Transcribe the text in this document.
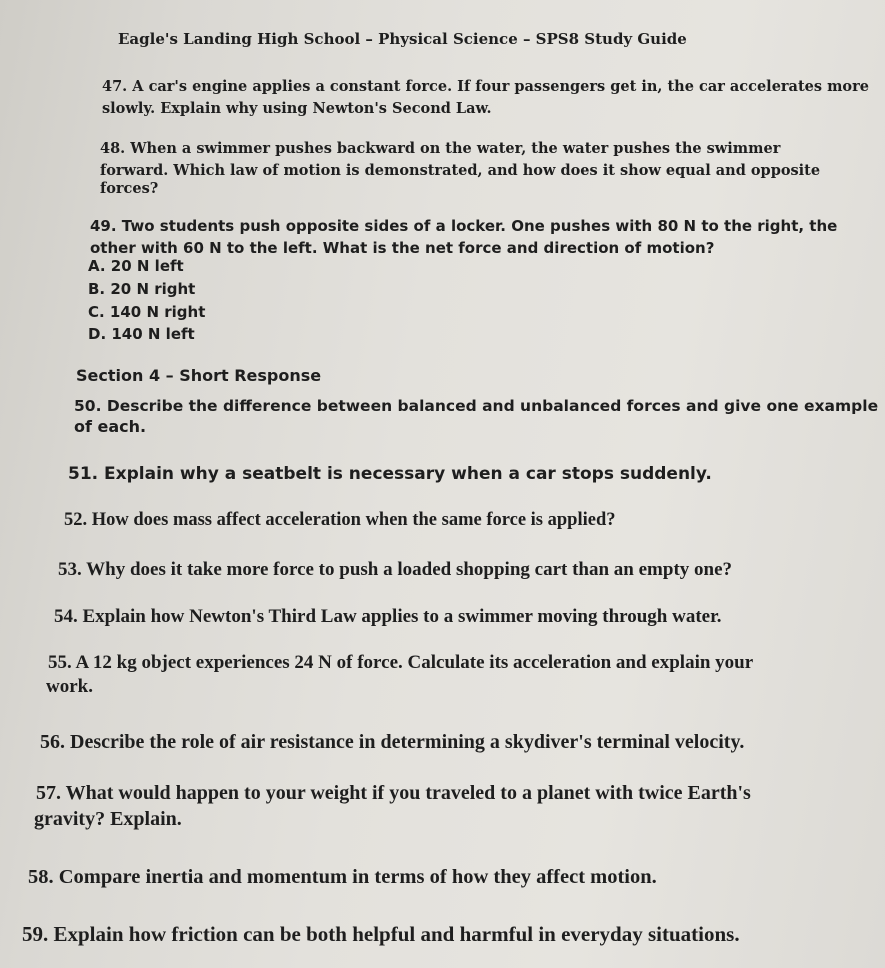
Eagle's Landing High School – Physical Science – SPS8 Study Guide

47. A car's engine applies a constant force. If four passengers get in, the car accelerates more

slowly. Explain why using Newton's Second Law.

48. When a swimmer pushes backward on the water, the water pushes the swimmer

forward. Which law of motion is demonstrated, and how does it show equal and opposite

forces?

49. Two students push opposite sides of a locker. One pushes with 80 N to the right, the

other with 60 N to the left. What is the net force and direction of motion?

A. 20 N left

B. 20 N right

C. 140 N right

D. 140 N left

Section 4 – Short Response

50. Describe the difference between balanced and unbalanced forces and give one example

of each.

51. Explain why a seatbelt is necessary when a car stops suddenly.

52. How does mass affect acceleration when the same force is applied?

53. Why does it take more force to push a loaded shopping cart than an empty one?

54. Explain how Newton's Third Law applies to a swimmer moving through water.

55. A 12 kg object experiences 24 N of force. Calculate its acceleration and explain your

work.

56. Describe the role of air resistance in determining a skydiver's terminal velocity.

57. What would happen to your weight if you traveled to a planet with twice Earth's

gravity? Explain.

58. Compare inertia and momentum in terms of how they affect motion.

59. Explain how friction can be both helpful and harmful in everyday situations.
